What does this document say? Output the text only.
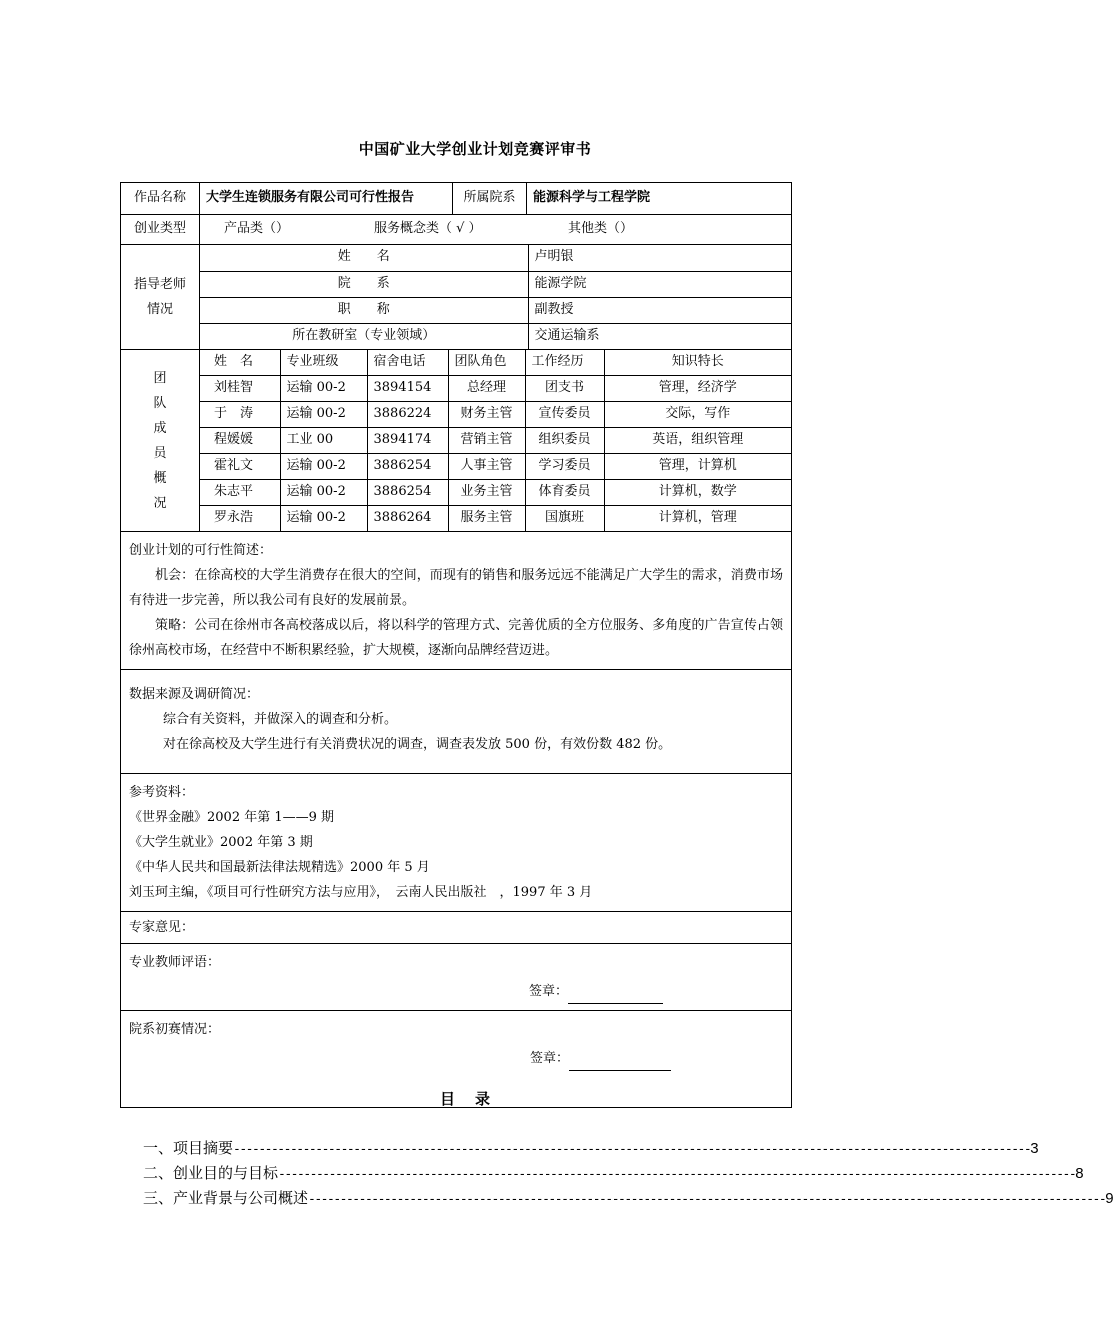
中国矿业大学创业计划竞赛评审书
作品名称	大学生连锁服务有限公司可行性报告	所属院系	能源科学与工程学院
创业类型	产品类（）	服务概念类（ √ ）	其他类（）

指导老师情况	
姓　　名	卢明银
院　　系	能源学院
职　　称	副教授
所在教研室（专业领域）	交通运输系

团队成员概况

姓　名	专业班级	宿舍电话	团队角色	工作经历	知识特长
刘桂智	运输 00-2	3894154	总经理	团支书	管理，经济学
于　涛	运输 00-2	3886224	财务主管	宣传委员	交际，写作
程媛媛	工业 00	3894174	营销主管	组织委员	英语，组织管理
霍礼文	运输 00-2	3886254	人事主管	学习委员	管理，计算机
朱志平	运输 00-2	3886254	业务主管	体育委员	计算机，数学
罗永浩	运输 00-2	3886264	服务主管	国旗班	计算机，管理

创业计划的可行性简述：

机会：在徐高校的大学生消费存在很大的空间，而现有的销售和服务远远不能满足广大学生的需求，消费市场有待进一步完善，所以我公司有良好的发展前景。

策略：公司在徐州市各高校落成以后，将以科学的管理方式、完善优质的全方位服务、多角度的广告宣传占领徐州高校市场，在经营中不断积累经验，扩大规模，逐渐向品牌经营迈进。

数据来源及调研简况：

综合有关资料，并做深入的调查和分析。

对在徐高校及大学生进行有关消费状况的调查，调查表发放 500 份，有效份数 482 份。

参考资料：

《世界金融》2002 年第 1——9 期

《大学生就业》2002 年第 3 期

《中华人民共和国最新法律法规精选》2000 年 5 月

刘玉珂主编，《项目可行性研究方法与应用》，　云南人民出版社　，1997 年 3 月

专家意见：

专业教师评语：

签章：

院系初赛情况：

签章：

目录
一、项目摘要 ------------------------------------------------------------------------------------------------------------------------------ 3
二、创业目的与目标 ------------------------------------------------------------------------------------------------------------------------------ 8
三、产业背景与公司概述 ------------------------------------------------------------------------------------------------------------------------------ 9
